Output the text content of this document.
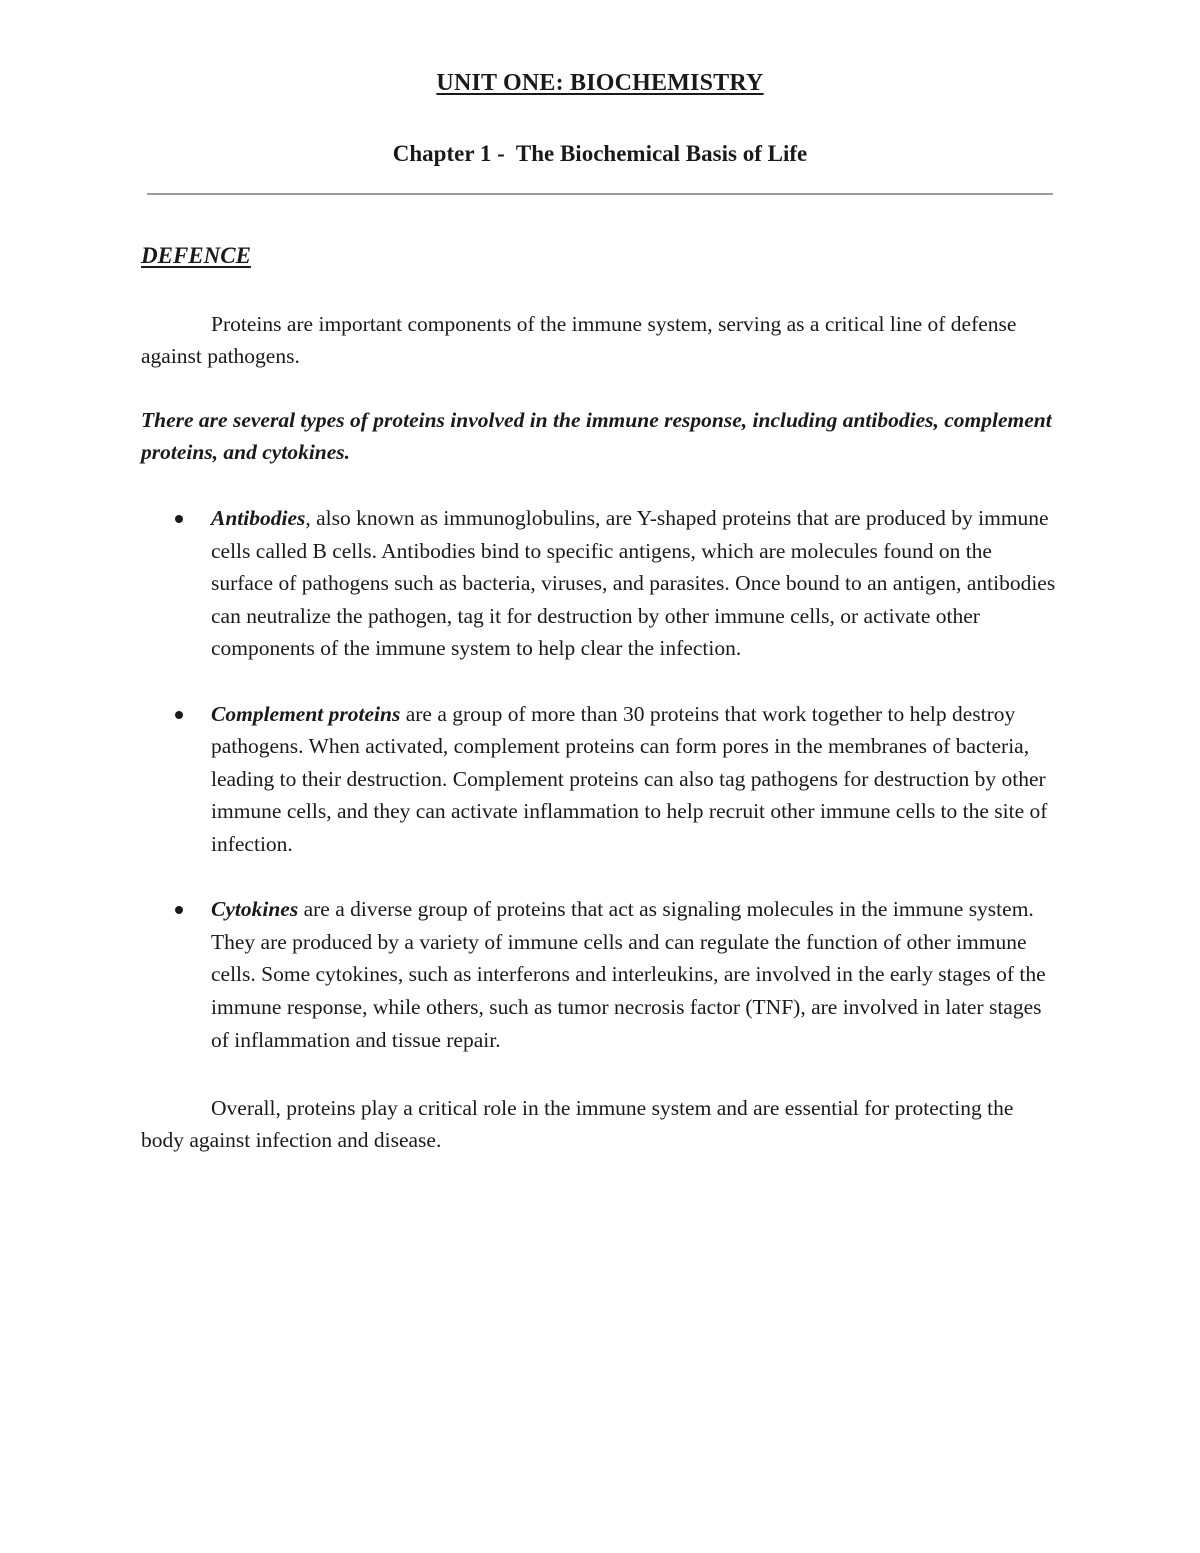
UNIT ONE: BIOCHEMISTRY
Chapter 1 -  The Biochemical Basis of Life
DEFENCE

Proteins are important components of the immune system, serving as a critical line of defense against pathogens.

There are several types of proteins involved in the immune response, including antibodies, complement proteins, and cytokines.

Antibodies, also known as immunoglobulins, are Y-shaped proteins that are produced by immune cells called B cells. Antibodies bind to specific antigens, which are molecules found on the surface of pathogens such as bacteria, viruses, and parasites. Once bound to an antigen, antibodies can neutralize the pathogen, tag it for destruction by other immune cells, or activate other components of the immune system to help clear the infection.
Complement proteins are a group of more than 30 proteins that work together to help destroy pathogens. When activated, complement proteins can form pores in the membranes of bacteria, leading to their destruction. Complement proteins can also tag pathogens for destruction by other immune cells, and they can activate inflammation to help recruit other immune cells to the site of infection.
Cytokines are a diverse group of proteins that act as signaling molecules in the immune system. They are produced by a variety of immune cells and can regulate the function of other immune cells. Some cytokines, such as interferons and interleukins, are involved in the early stages of the immune response, while others, such as tumor necrosis factor (TNF), are involved in later stages of inflammation and tissue repair.

Overall, proteins play a critical role in the immune system and are essential for protecting the body against infection and disease.
